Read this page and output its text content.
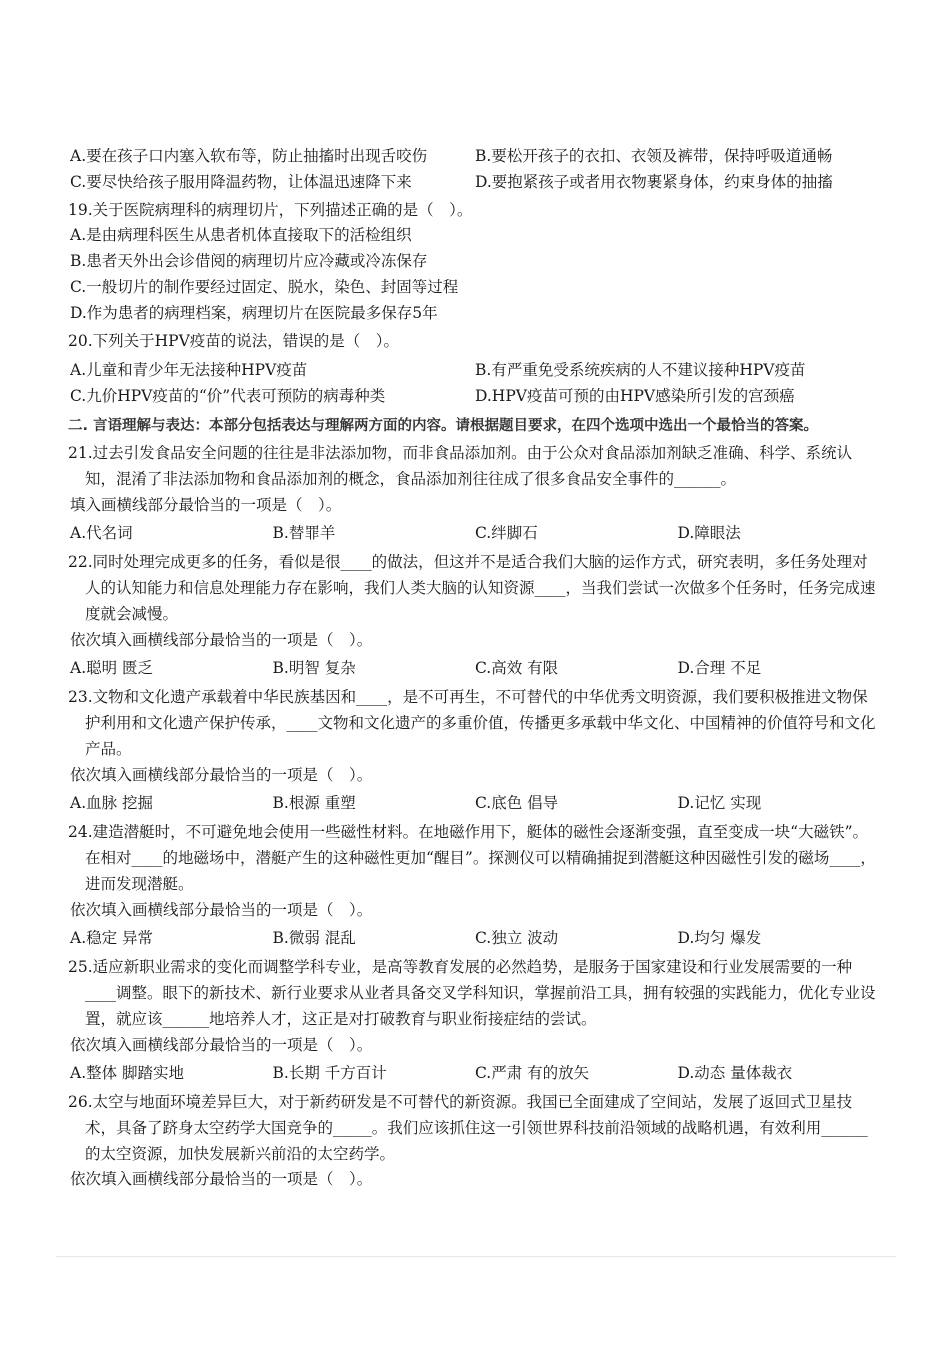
A.要在孩子口内塞入软布等，防止抽搐时出现舌咬伤	B.要松开孩子的衣扣、衣领及裤带，保持呼吸道通畅
C.要尽快给孩子服用降温药物，让体温迅速降下来	D.要抱紧孩子或者用衣物裹紧身体，约束身体的抽搐
19.关于医院病理科的病理切片，下列描述正确的是（　）。
A.是由病理科医生从患者机体直接取下的活检组织
B.患者天外出会诊借阅的病理切片应冷藏或冷冻保存
C.一般切片的制作要经过固定、脱水，染色、封固等过程
D.作为患者的病理档案，病理切片在医院最多保存5年
20.下列关于HPV疫苗的说法，错误的是（　）。
A.儿童和青少年无法接种HPV疫苗	B.有严重免受系统疾病的人不建议接种HPV疫苗
C.九价HPV疫苗的“价”代表可预防的病毒种类	D.HPV疫苗可预的由HPV感染所引发的宫颈癌
二. 言语理解与表达：本部分包括表达与理解两方面的内容。请根据题目要求，在四个选项中选出一个最恰当的答案。
21.过去引发食品安全问题的往往是非法添加物，而非食品添加剂。由于公众对食品添加剂缺乏准确、科学、系统认知，混淆了非法添加物和食品添加剂的概念，食品添加剂往往成了很多食品安全事件的______。
填入画横线部分最恰当的一项是（　）。
A.代名词	B.替罪羊	C.绊脚石	D.障眼法
22.同时处理完成更多的任务，看似是很____的做法，但这并不是适合我们大脑的运作方式，研究表明，多任务处理对人的认知能力和信息处理能力存在影响，我们人类大脑的认知资源____，当我们尝试一次做多个任务时，任务完成速度就会减慢。
依次填入画横线部分最恰当的一项是（　）。
A.聪明 匮乏	B.明智 复杂	C.高效 有限	D.合理 不足
23.文物和文化遗产承载着中华民族基因和____，是不可再生，不可替代的中华优秀文明资源，我们要积极推进文物保护利用和文化遗产保护传承，____文物和文化遗产的多重价值，传播更多承载中华文化、中国精神的价值符号和文化产品。
依次填入画横线部分最恰当的一项是（　）。
A.血脉 挖掘	B.根源 重塑	C.底色 倡导	D.记忆 实现
24.建造潜艇时，不可避免地会使用一些磁性材料。在地磁作用下，艇体的磁性会逐渐变强，直至变成一块“大磁铁”。在相对____的地磁场中，潜艇产生的这种磁性更加“醒目”。探测仪可以精确捕捉到潜艇这种因磁性引发的磁场____，进而发现潜艇。
依次填入画横线部分最恰当的一项是（　）。
A.稳定 异常	B.微弱 混乱	C.独立 波动	D.均匀 爆发
25.适应新职业需求的变化而调整学科专业，是高等教育发展的必然趋势，是服务于国家建设和行业发展需要的一种____调整。眼下的新技术、新行业要求从业者具备交叉学科知识，掌握前沿工具，拥有较强的实践能力，优化专业设置，就应该______地培养人才，这正是对打破教育与职业衔接症结的尝试。
依次填入画横线部分最恰当的一项是（　）。
A.整体 脚踏实地	B.长期 千方百计	C.严肃 有的放矢	D.动态 量体裁衣
26.太空与地面环境差异巨大，对于新药研发是不可替代的新资源。我国已全面建成了空间站，发展了返回式卫星技术，具备了跻身太空药学大国竞争的_____。我们应该抓住这一引领世界科技前沿领域的战略机遇，有效利用______的太空资源，加快发展新兴前沿的太空药学。
依次填入画横线部分最恰当的一项是（　）。
